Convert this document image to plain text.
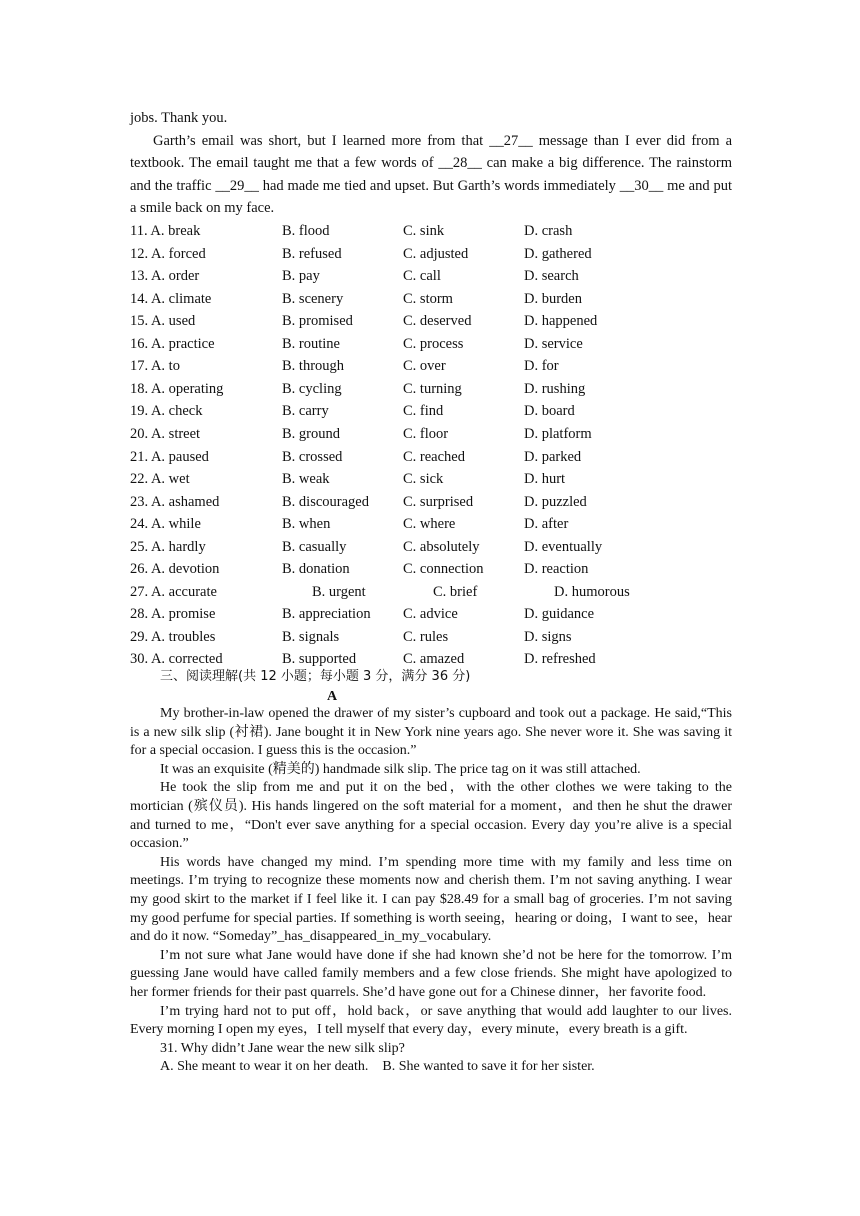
jobs. Thank you.

Garth’s email was short, but I learned more from that __27__ message than I ever did from a textbook. The email taught me that a few words of __28__ can make a big difference. The rainstorm and the traffic __29__ had made me tied and upset. But Garth’s words immediately __30__ me and put a smile back on my face.

11. A. break	B. flood	C. sink	D. crash
12. A. forced	B. refused	C. adjusted	D. gathered
13. A. order	B. pay	C. call	D. search
14. A. climate	B. scenery	C. storm	D. burden
15. A. used	B. promised	C. deserved	D. happened
16. A. practice	B. routine	C. process	D. service
17. A. to	B. through	C. over	D. for
18. A. operating	B. cycling	C. turning	D. rushing
19. A. check	B. carry	C. find	D. board
20. A. street	B. ground	C. floor	D. platform
21. A. paused	B. crossed	C. reached	D. parked
22. A. wet	B. weak	C. sick	D. hurt
23. A. ashamed	B. discouraged C. surprised	D. puzzled
24. A. while	B. when	C. where	D. after
25. A. hardly	B. casually	C. absolutely	D. eventually
26. A. devotion	B. donation	C. connection	D. reaction
27. A. accurate	B. urgent	C. brief	D. humorous
28. A. promise	B. appreciation C. advice	D. guidance
29. A. troubles	B. signals	C. rules	D. signs
30. A. corrected	B. supported	C. amazed	D. refreshed
三、阅读理解(共 12 小题；每小题 3 分，满分 36 分)
A

My brother-in-law opened the drawer of my sister’s cupboard and took out a package. He said,“This is a new silk slip (衬裙). Jane bought it in New York nine years ago. She never wore it. She was saving it for a special occasion. I guess this is the occasion.”

It was an exquisite (精美的) handmade silk slip. The price tag on it was still attached.

He took the slip from me and put it on the bed，with the other clothes we were taking to the mortician (殡仪员). His hands lingered on the soft material for a moment，and then he shut the drawer and turned to me，“Don't ever save anything for a special occasion. Every day you’re alive is a special occasion.”

His words have changed my mind. I’m spending more time with my family and less time on meetings. I’m trying to recognize these moments now and cherish them. I’m not saving anything. I wear my good skirt to the market if I feel like it. I can pay $28.49 for a small bag of groceries. I’m not saving my good perfume for special parties. If something is worth seeing，hearing or doing，I want to see，hear and do it now. “Someday”_has_disappeared_in_my_vocabulary.

I’m not sure what Jane would have done if she had known she’d not be here for the tomorrow. I’m guessing Jane would have called family members and a few close friends. She might have apologized to her former friends for their past quarrels. She’d have gone out for a Chinese dinner，her favorite food.

I’m trying hard not to put off，hold back，or save anything that would add laughter to our lives. Every morning I open my eyes，I tell myself that every day，every minute，every breath is a gift.

31. Why didn’t Jane wear the new silk slip?

A. She meant to wear it on her death.    B. She wanted to save it for her sister.
